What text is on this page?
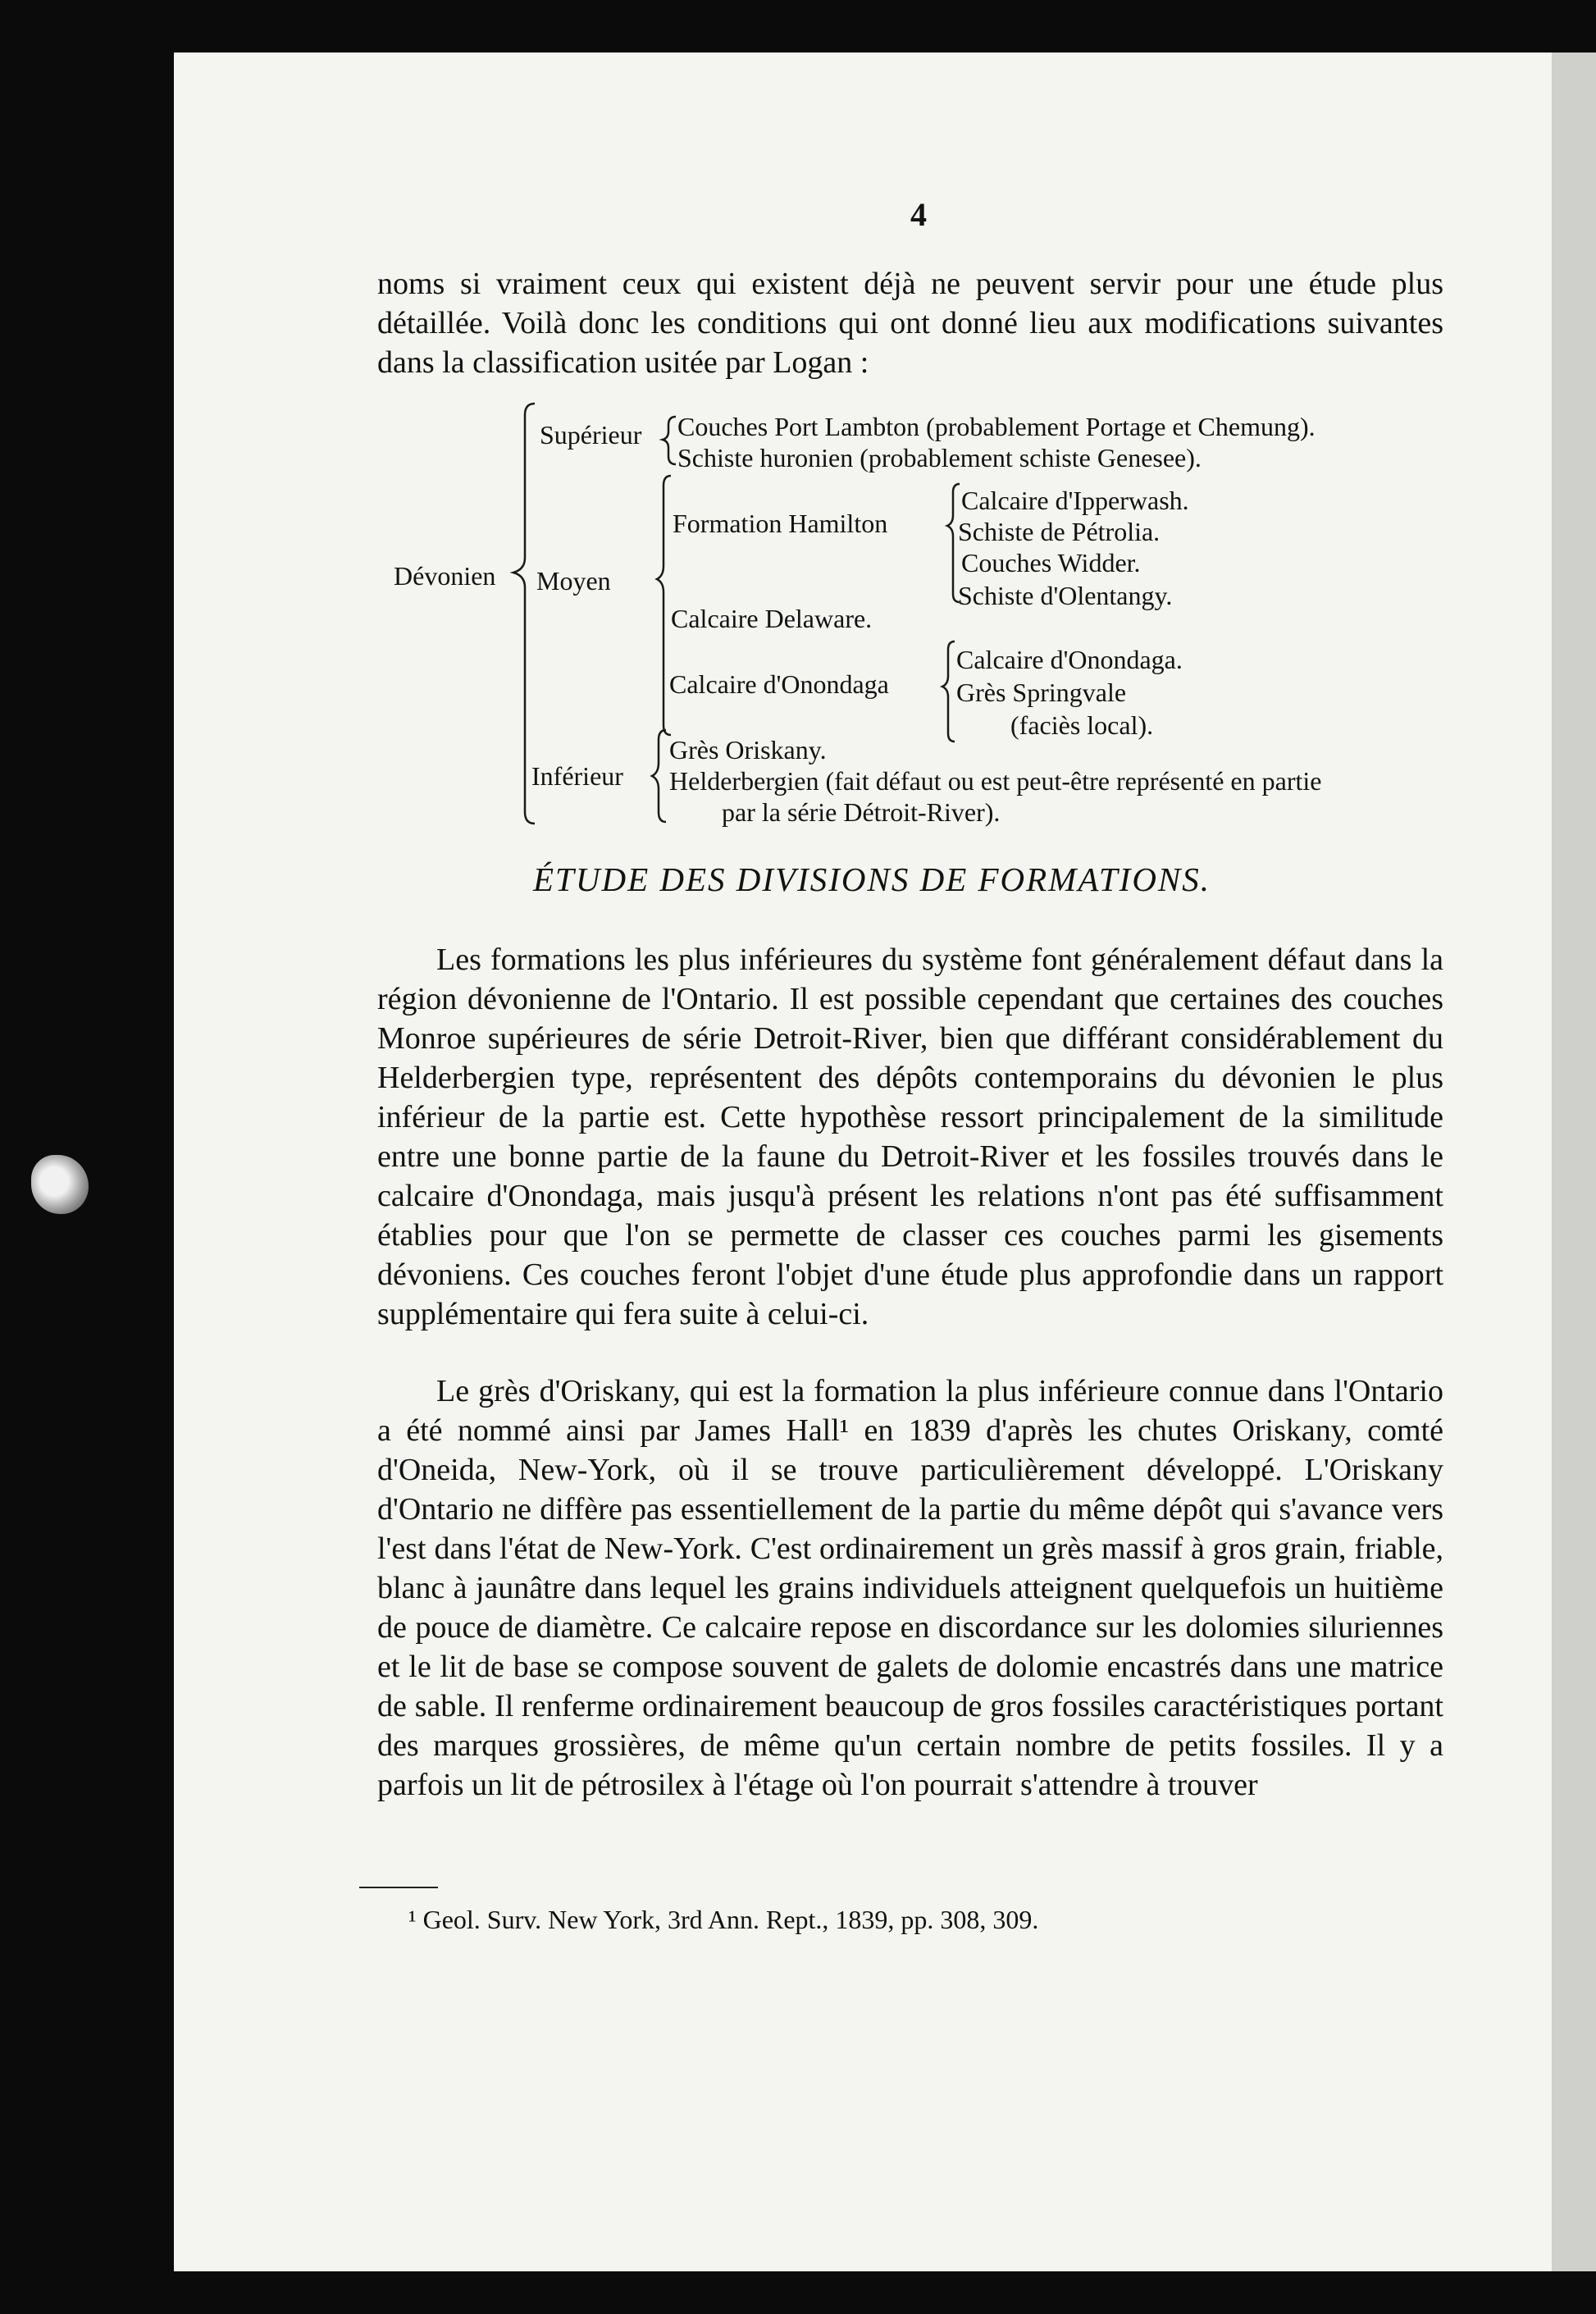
4

noms si vraiment ceux qui existent déjà ne peuvent servir pour une étude plus détaillée. Voilà donc les conditions qui ont donné lieu aux modifications suivantes dans la classification usitée par Logan :

Dévonien
Supérieur Couches Port Lambton (probablement Portage et Chemung).
Schiste huronien (probablement schiste Genesee).
Moyen
Formation Hamilton
Calcaire d'Ipperwash.
Schiste de Pétrolia.
Couches Widder.
Schiste d'Olentangy.
Calcaire Delaware.
Calcaire d'Onondaga
Calcaire d'Onondaga.
Grès Springvale
(faciès local).
Inférieur
Grès Oriskany.
Helderbergien (fait défaut ou est peut-être représenté en partie
par la série Détroit-River).
ÉTUDE DES DIVISIONS DE FORMATIONS.

Les formations les plus inférieures du système font généralement défaut dans la région dévonienne de l'Ontario. Il est possible cependant que certaines des couches Monroe supérieures de série Detroit-River, bien que différant considérablement du Helderbergien type, représentent des dépôts contemporains du dévonien le plus inférieur de la partie est. Cette hypothèse ressort principalement de la similitude entre une bonne partie de la faune du Detroit-River et les fossiles trouvés dans le calcaire d'Onondaga, mais jusqu'à présent les relations n'ont pas été suffisamment établies pour que l'on se permette de classer ces couches parmi les gisements dévoniens. Ces couches feront l'objet d'une étude plus approfondie dans un rapport supplémentaire qui fera suite à celui-ci.

Le grès d'Oriskany, qui est la formation la plus inférieure connue dans l'Ontario a été nommé ainsi par James Hall¹ en 1839 d'après les chutes Oriskany, comté d'Oneida, New-York, où il se trouve particulièrement développé. L'Oriskany d'Ontario ne diffère pas essentiellement de la partie du même dépôt qui s'avance vers l'est dans l'état de New-York. C'est ordinairement un grès massif à gros grain, friable, blanc à jaunâtre dans lequel les grains individuels atteignent quelquefois un huitième de pouce de diamètre. Ce calcaire repose en discordance sur les dolomies siluriennes et le lit de base se compose souvent de galets de dolomie encastrés dans une matrice de sable. Il renferme ordinairement beaucoup de gros fossiles caractéristiques portant des marques grossières, de même qu'un certain nombre de petits fossiles. Il y a parfois un lit de pétrosilex à l'étage où l'on pourrait s'attendre à trouver

¹ Geol. Surv. New York, 3rd Ann. Rept., 1839, pp. 308, 309.
